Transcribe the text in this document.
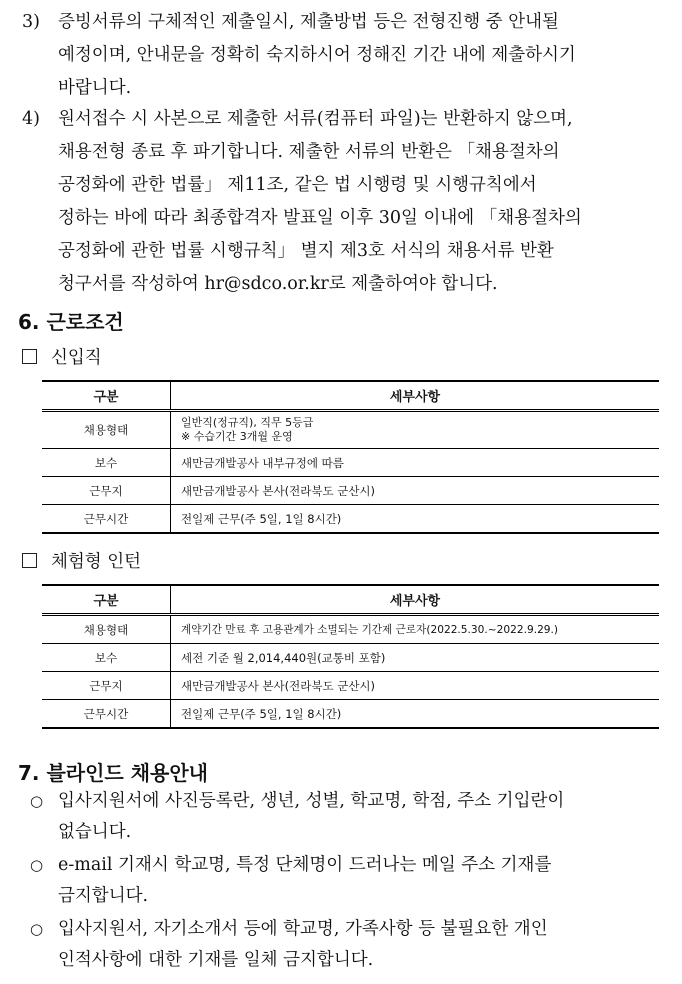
3) 증빙서류의 구체적인 제출일시, 제출방법 등은 전형진행 중 안내될
예정이며, 안내문을 정확히 숙지하시어 정해진 기간 내에 제출하시기
바랍니다.
4) 원서접수 시 사본으로 제출한 서류(컴퓨터 파일)는 반환하지 않으며,
채용전형 종료 후 파기합니다. 제출한 서류의 반환은 「채용절차의
공정화에 관한 법률」 제11조, 같은 법 시행령 및 시행규칙에서
정하는 바에 따라 최종합격자 발표일 이후 30일 이내에 「채용절차의
공정화에 관한 법률 시행규칙」 별지 제3호 서식의 채용서류 반환
청구서를 작성하여 hr@sdco.or.kr로 제출하여야 합니다.
6. 근로조건
신입직
구분	세부사항
채용형태	일반직(정규직), 직무 5등급
※ 수습기간 3개월 운영

보수	새만금개발공사 내부규정에 따름
근무지	새만금개발공사 본사(전라북도 군산시)
근무시간	전일제 근무(주 5일, 1일 8시간)
체험형 인턴
구분	세부사항
채용형태	계약기간 만료 후 고용관계가 소멸되는 기간제 근로자(2022.5.30.~2022.9.29.)
보수	세전 기준 월 2,014,440원(교통비 포함)
근무지	새만금개발공사 본사(전라북도 군산시)
근무시간	전일제 근무(주 5일, 1일 8시간)
7. 블라인드 채용안내
○ 입사지원서에 사진등록란, 생년, 성별, 학교명, 학점, 주소 기입란이
없습니다.
○ e-mail 기재시 학교명, 특정 단체명이 드러나는 메일 주소 기재를
금지합니다.
○ 입사지원서, 자기소개서 등에 학교명, 가족사항 등 불필요한 개인
인적사항에 대한 기재를 일체 금지합니다.
